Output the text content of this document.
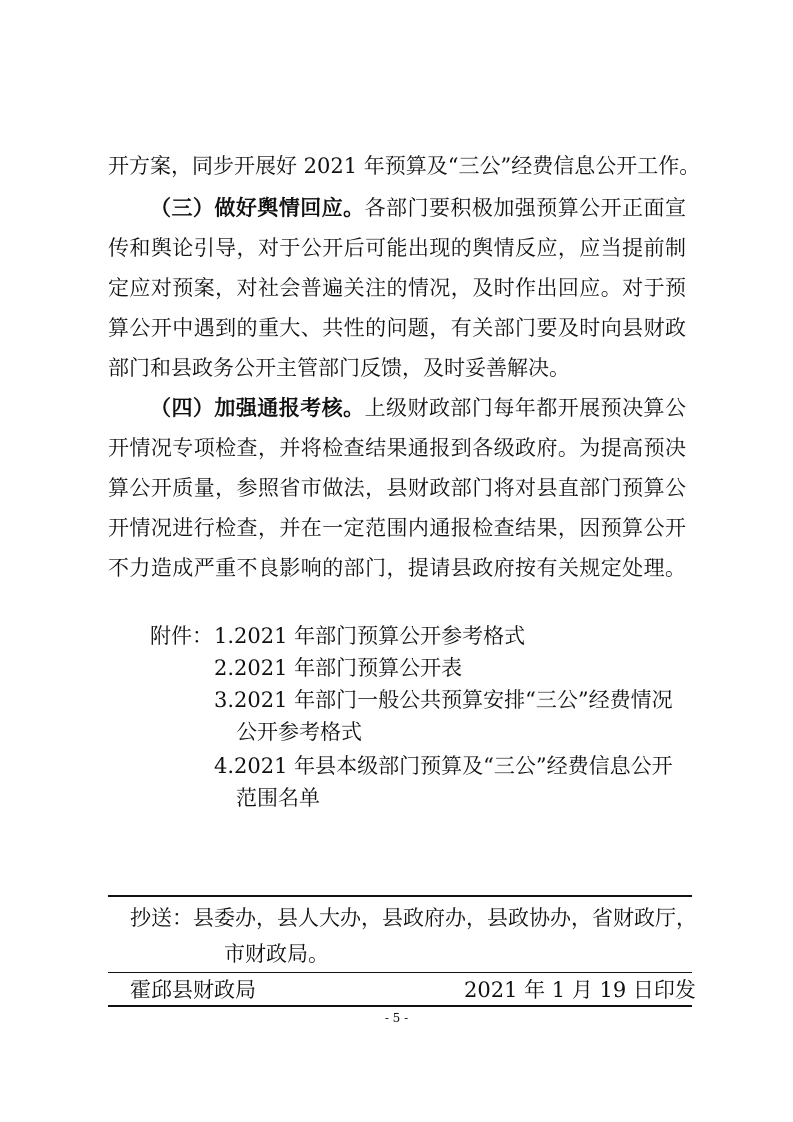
开方案，同步开展好 2021 年预算及“三公”经费信息公开工作。
（三）做好舆情回应。各部门要积极加强预算公开正面宣
传和舆论引导，对于公开后可能出现的舆情反应，应当提前制
定应对预案，对社会普遍关注的情况，及时作出回应。对于预
算公开中遇到的重大、共性的问题，有关部门要及时向县财政
部门和县政务公开主管部门反馈，及时妥善解决。
（四）加强通报考核。上级财政部门每年都开展预决算公
开情况专项检查，并将检查结果通报到各级政府。为提高预决
算公开质量，参照省市做法，县财政部门将对县直部门预算公
开情况进行检查，并在一定范围内通报检查结果，因预算公开
不力造成严重不良影响的部门，提请县政府按有关规定处理。
附件： 1.2021 年部门预算公开参考格式
2.2021 年部门预算公开表
3.2021 年部门一般公共预算安排“三公”经费情况
公开参考格式
4.2021 年县本级部门预算及“三公”经费信息公开
范围名单
抄送： 县委办，县人大办，县政府办，县政协办，省财政厅，
市财政局。
霍邱县财政局	2021 年 1 月 19 日印发
- 5 -
